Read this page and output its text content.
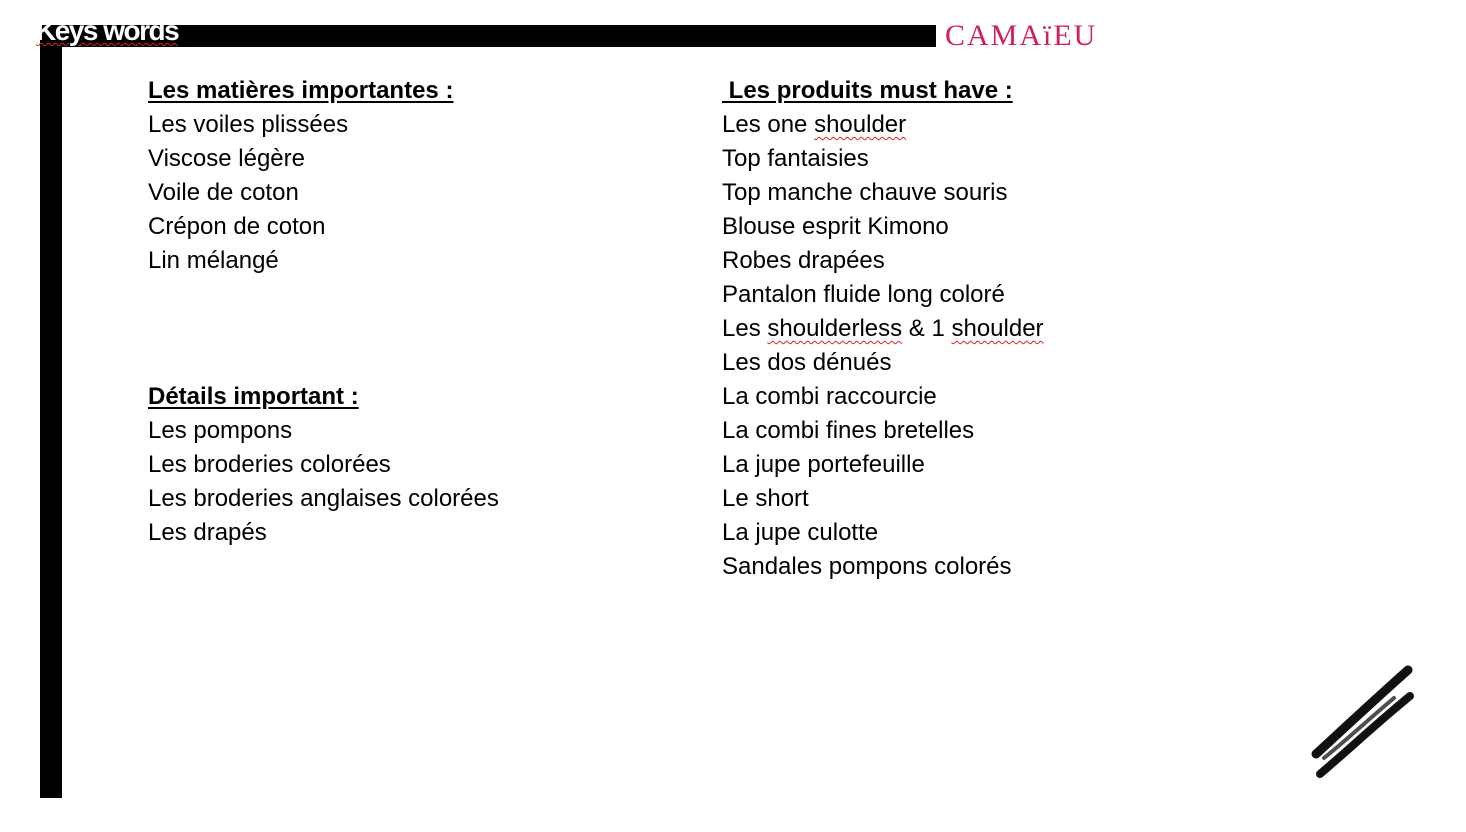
Keys words	CAMAïEU
Les matières importantes :
Les voiles plissées
Viscose légère
Voile de coton
Crépon de coton
Lin mélangé
Détails important :
Les pompons
Les broderies colorées
Les broderies anglaises colorées
Les drapés
Les produits must have :
Les one shoulder
Top fantaisies
Top manche chauve souris
Blouse esprit Kimono
Robes drapées
Pantalon fluide long coloré
Les shoulderless & 1 shoulder
Les dos dénués
La combi raccourcie
La combi fines bretelles
La jupe portefeuille
Le short
La jupe culotte
Sandales pompons colorés
